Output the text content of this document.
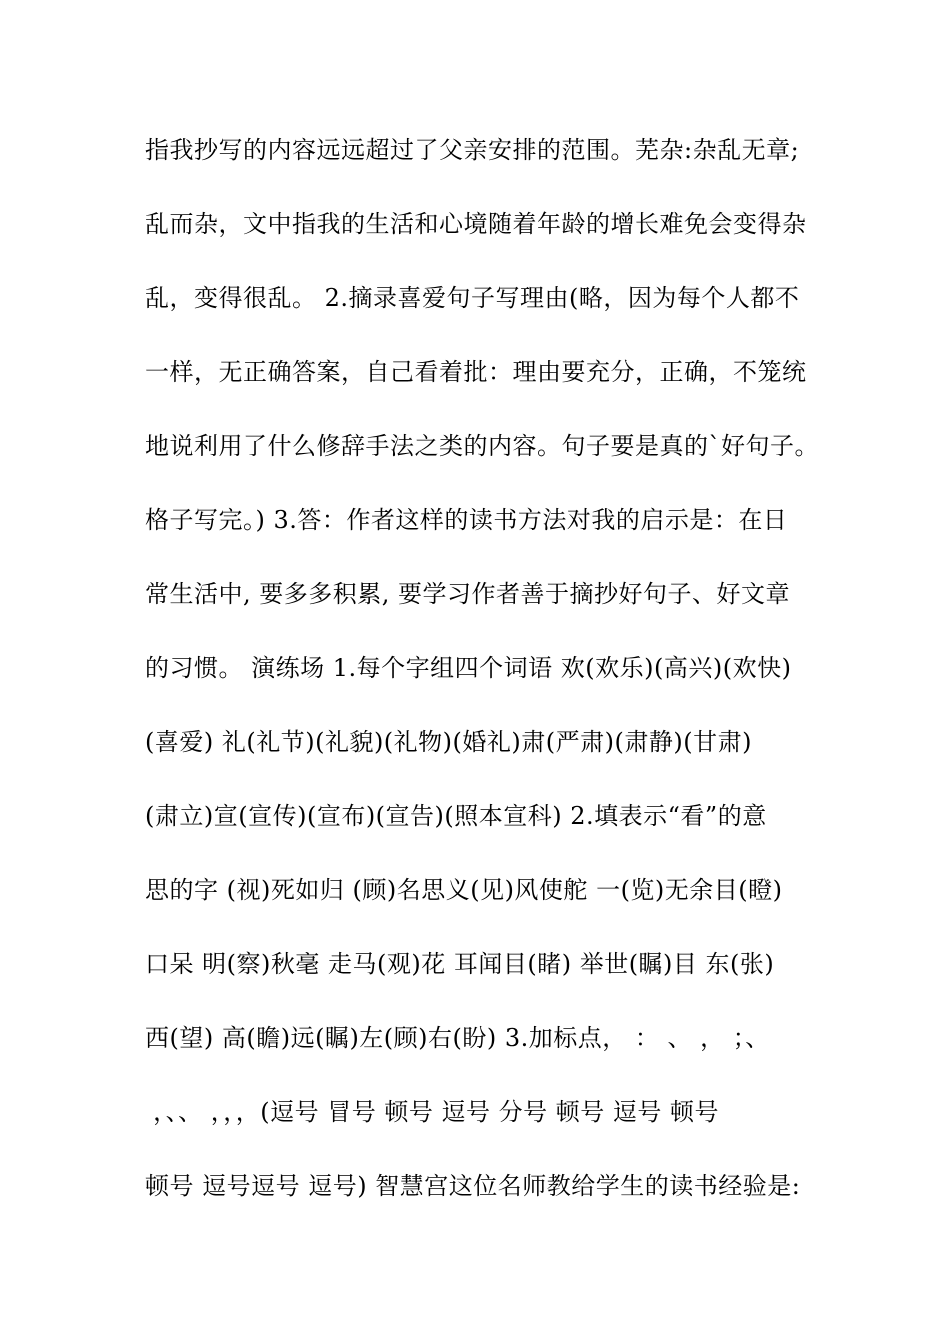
指我抄写的内容远远超过了父亲安排的范围。芜杂:杂乱无章;
乱而杂，文中指我的生活和心境随着年龄的增长难免会变得杂
乱，变得很乱。 2.摘录喜爱句子写理由(略，因为每个人都不
一样，无正确答案，自己看着批：理由要充分，正确，不笼统
地说利用了什么修辞手法之类的内容。句子要是真的`好句子。
格子写完。) 3.答：作者这样的读书方法对我的启示是：在日
常生活中, 要多多积累, 要学习作者善于摘抄好句子、好文章
的习惯。 演练场 1.每个字组四个词语 欢(欢乐)(高兴)(欢快)
(喜爱) 礼(礼节)(礼貌)(礼物)(婚礼)肃(严肃)(肃静)(甘肃)
(肃立)宣(宣传)(宣布)(宣告)(照本宣科) 2.填表示“看”的意
思的字 (视)死如归 (顾)名思义(见)风使舵 一(览)无余目(瞪)
口呆 明(察)秋毫 走马(观)花 耳闻目(睹) 举世(瞩)目 东(张)
西(望) 高(瞻)远(瞩)左(顾)右(盼) 3.加标点， ： 、 ， ；、
，、、 ，，，(逗号 冒号 顿号 逗号 分号 顿号 逗号 顿号
顿号 逗号逗号 逗号) 智慧宫这位名师教给学生的读书经验是:
